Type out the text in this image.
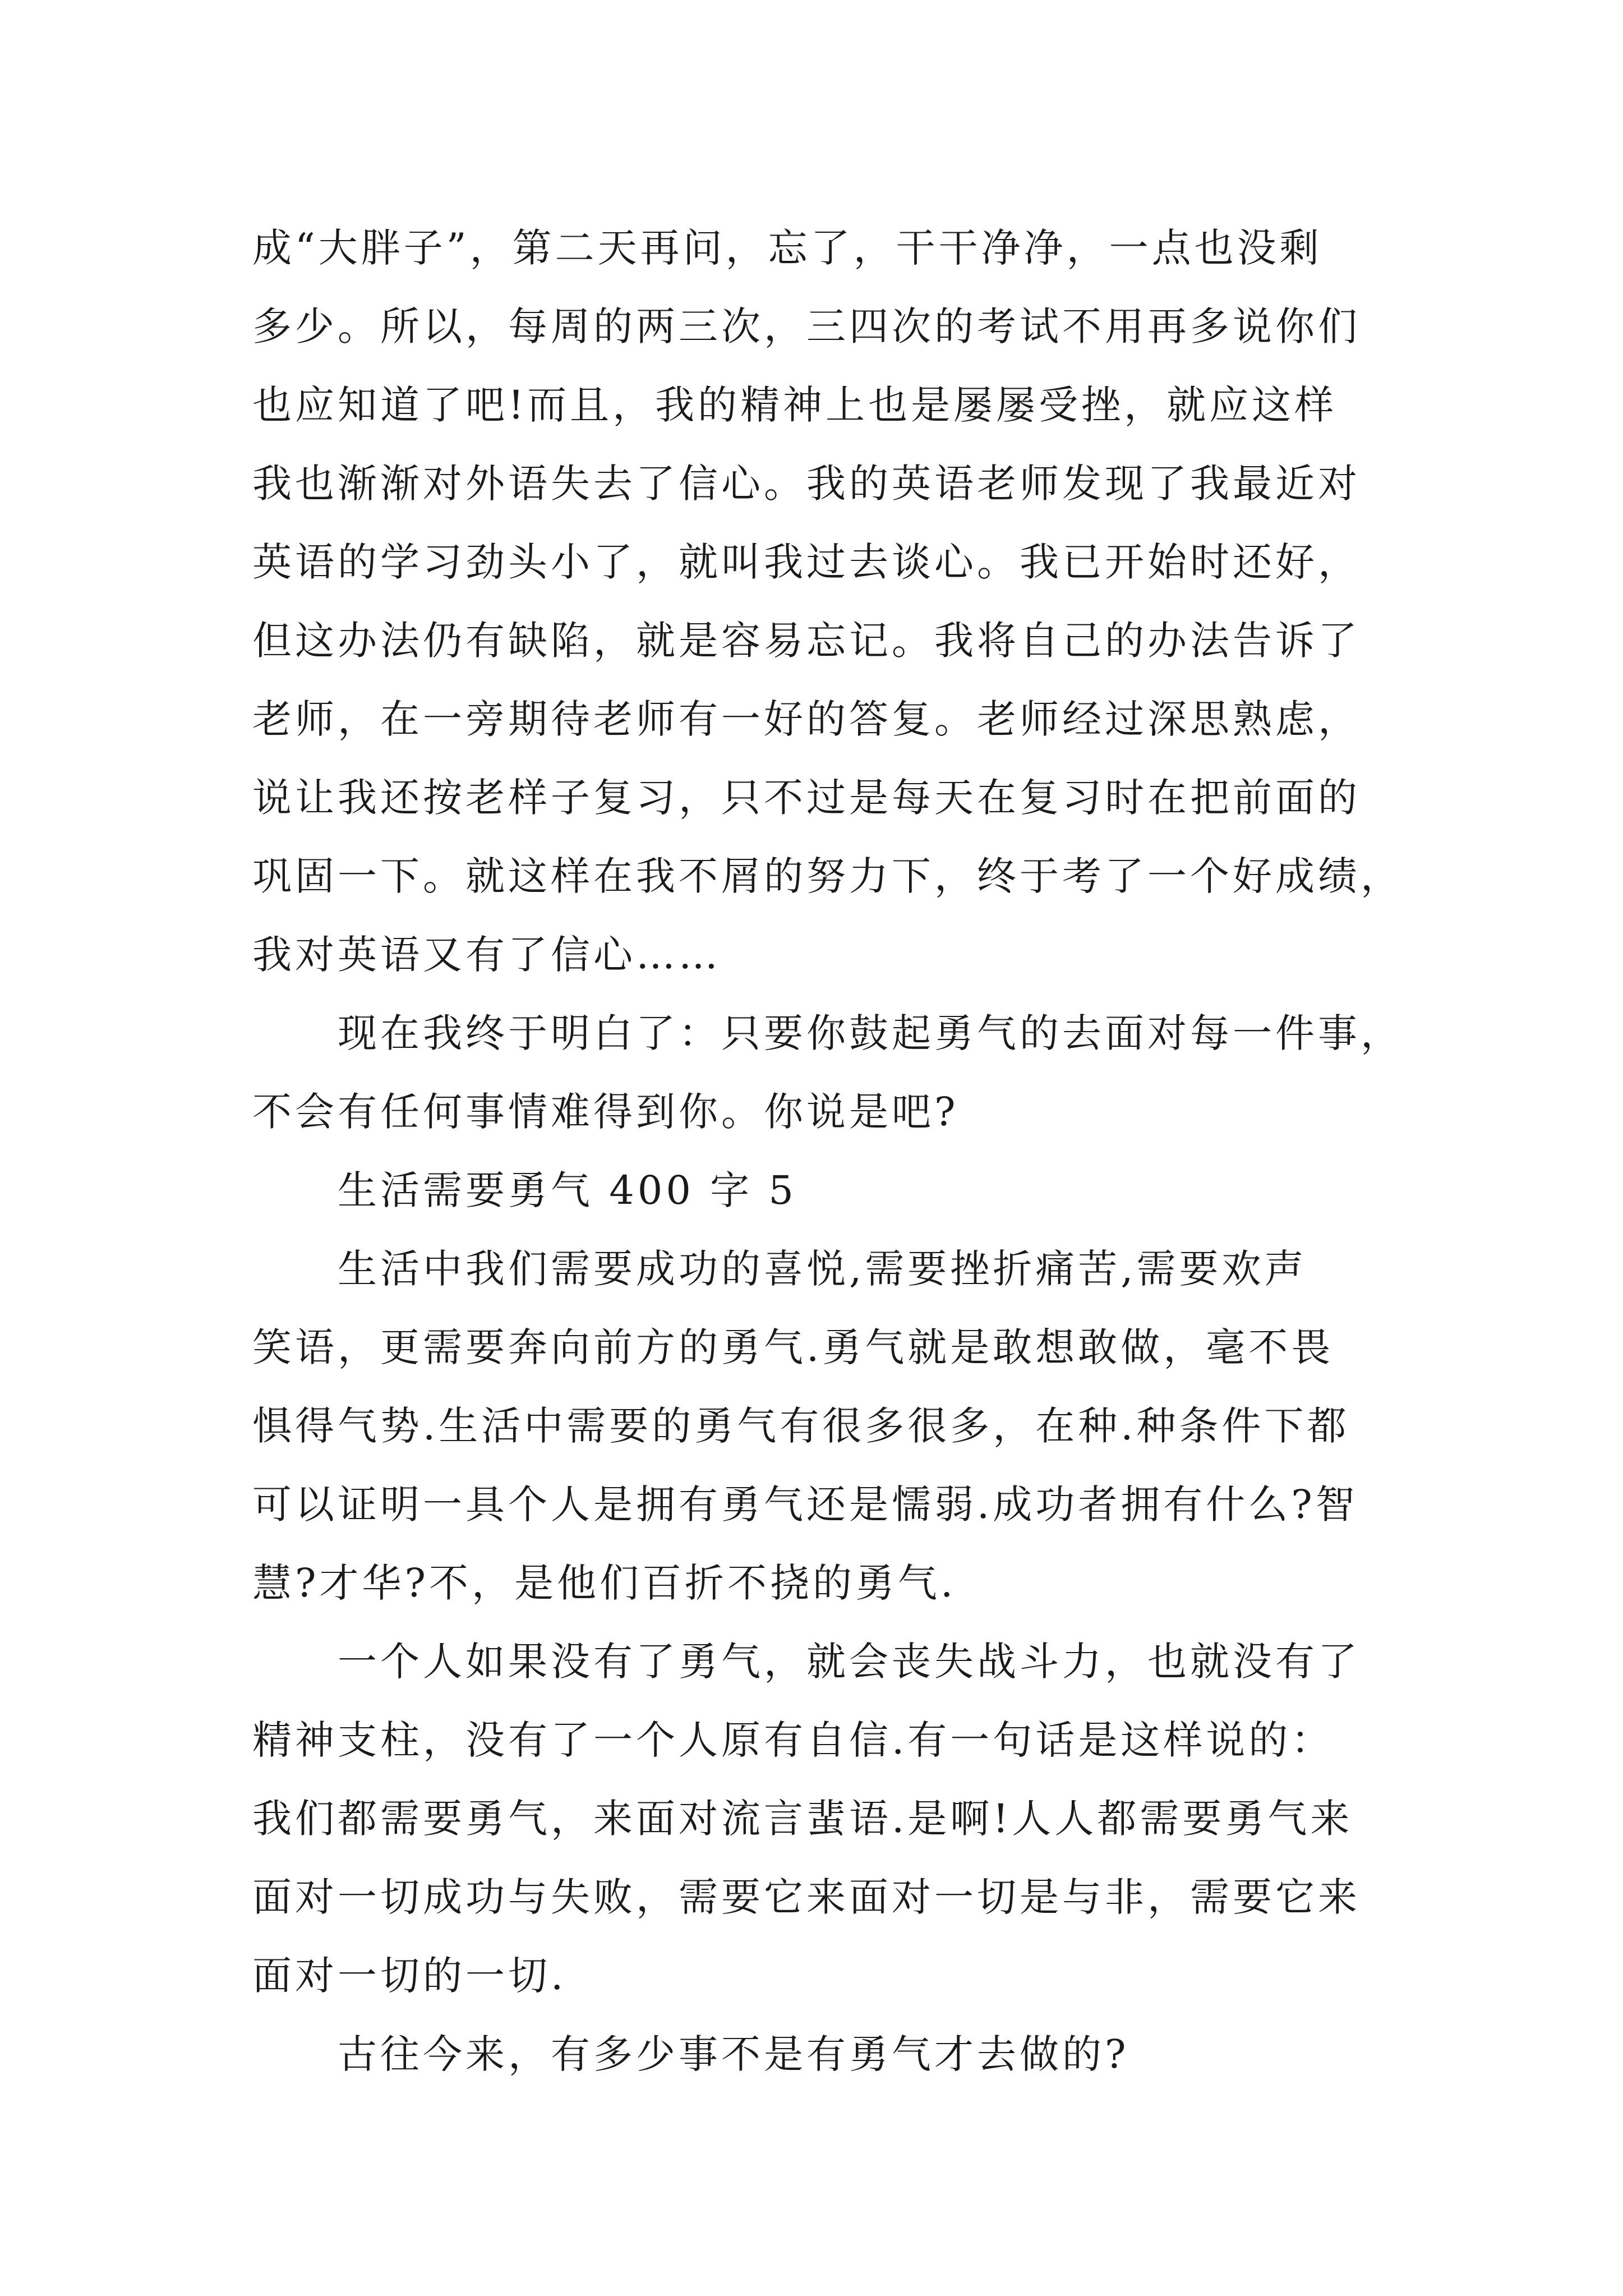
成“大胖子”，第二天再问，忘了，干干净净，一点也没剩
多少。所以，每周的两三次，三四次的考试不用再多说你们
也应知道了吧!而且，我的精神上也是屡屡受挫，就应这样
我也渐渐对外语失去了信心。我的英语老师发现了我最近对
英语的学习劲头小了，就叫我过去谈心。我已开始时还好，
但这办法仍有缺陷，就是容易忘记。我将自己的办法告诉了
老师，在一旁期待老师有一好的答复。老师经过深思熟虑，
说让我还按老样子复习，只不过是每天在复习时在把前面的
巩固一下。就这样在我不屑的努力下，终于考了一个好成绩，
我对英语又有了信心……
现在我终于明白了：只要你鼓起勇气的去面对每一件事，
不会有任何事情难得到你。你说是吧?
生活需要勇气 400 字 5
生活中我们需要成功的喜悦,需要挫折痛苦,需要欢声
笑语，更需要奔向前方的勇气.勇气就是敢想敢做，毫不畏
惧得气势.生活中需要的勇气有很多很多，在种.种条件下都
可以证明一具个人是拥有勇气还是懦弱.成功者拥有什么?智
慧?才华?不，是他们百折不挠的勇气.
一个人如果没有了勇气，就会丧失战斗力，也就没有了
精神支柱，没有了一个人原有自信.有一句话是这样说的：
我们都需要勇气，来面对流言蜚语.是啊!人人都需要勇气来
面对一切成功与失败，需要它来面对一切是与非，需要它来
面对一切的一切.
古往今来，有多少事不是有勇气才去做的?
